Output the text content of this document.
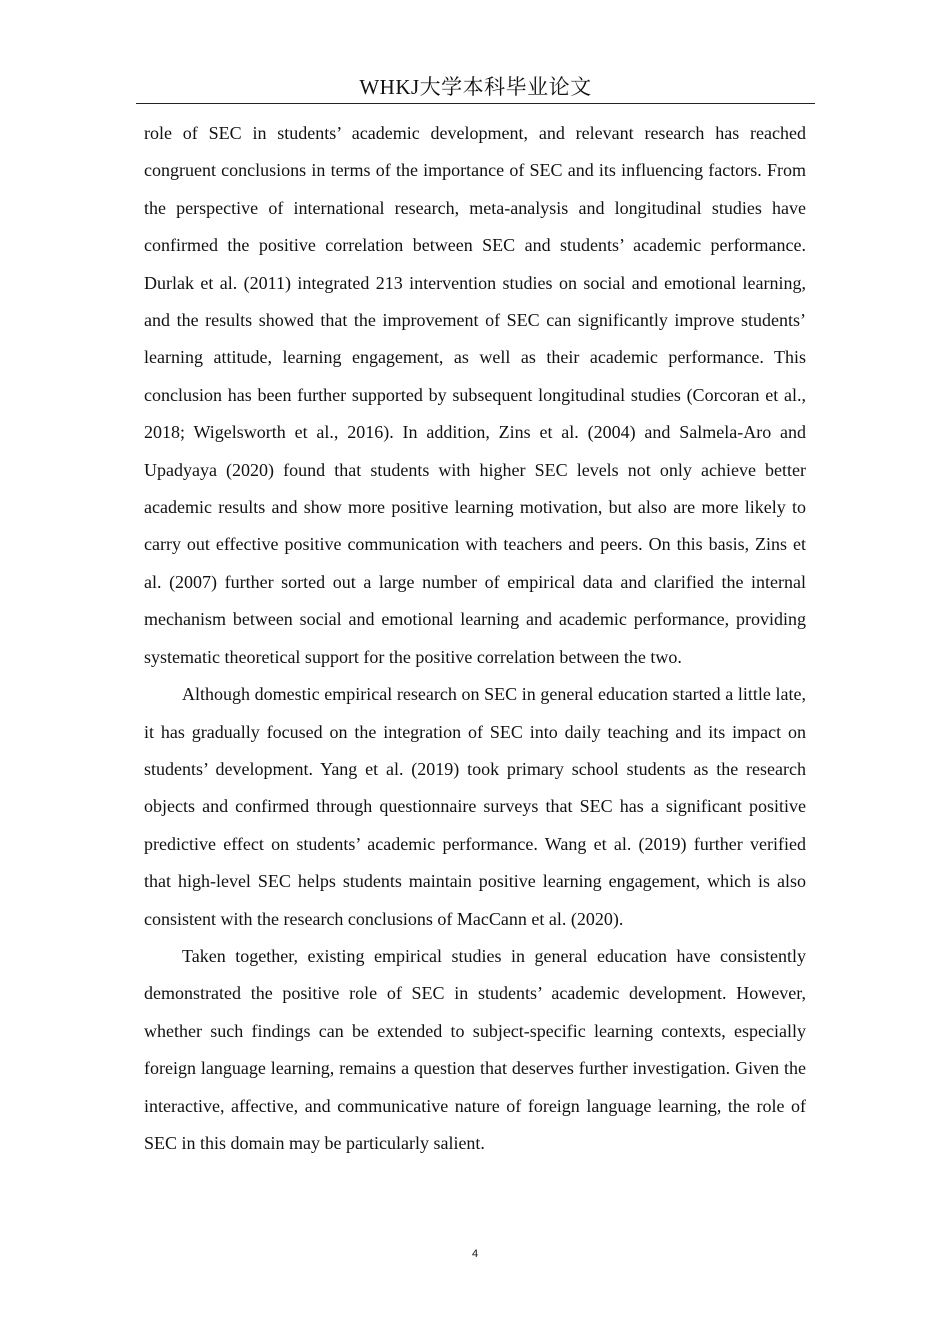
WHKJ大学本科毕业论文

role of SEC in students’ academic development, and relevant research has reached congruent conclusions in terms of the importance of SEC and its influencing factors. From the perspective of international research, meta-analysis and longitudinal studies have confirmed the positive correlation between SEC and students’ academic performance. Durlak et al. (2011) integrated 213 intervention studies on social and emotional learning, and the results showed that the improvement of SEC can significantly improve students’ learning attitude, learning engagement, as well as their academic performance. This conclusion has been further supported by subsequent longitudinal studies (Corcoran et al., 2018; Wigelsworth et al., 2016). In addition, Zins et al. (2004) and Salmela-Aro and Upadyaya (2020) found that students with higher SEC levels not only achieve better academic results and show more positive learning motivation, but also are more likely to carry out effective positive communication with teachers and peers. On this basis, Zins et al. (2007) further sorted out a large number of empirical data and clarified the internal mechanism between social and emotional learning and academic performance, providing systematic theoretical support for the positive correlation between the two.

Although domestic empirical research on SEC in general education started a little late, it has gradually focused on the integration of SEC into daily teaching and its impact on students’ development. Yang et al. (2019) took primary school students as the research objects and confirmed through questionnaire surveys that SEC has a significant positive predictive effect on students’ academic performance. Wang et al. (2019) further verified that high-level SEC helps students maintain positive learning engagement, which is also consistent with the research conclusions of MacCann et al. (2020).

Taken together, existing empirical studies in general education have consistently demonstrated the positive role of SEC in students’ academic development. However, whether such findings can be extended to subject-specific learning contexts, especially foreign language learning, remains a question that deserves further investigation. Given the interactive, affective, and communicative nature of foreign language learning, the role of SEC in this domain may be particularly salient.

4
